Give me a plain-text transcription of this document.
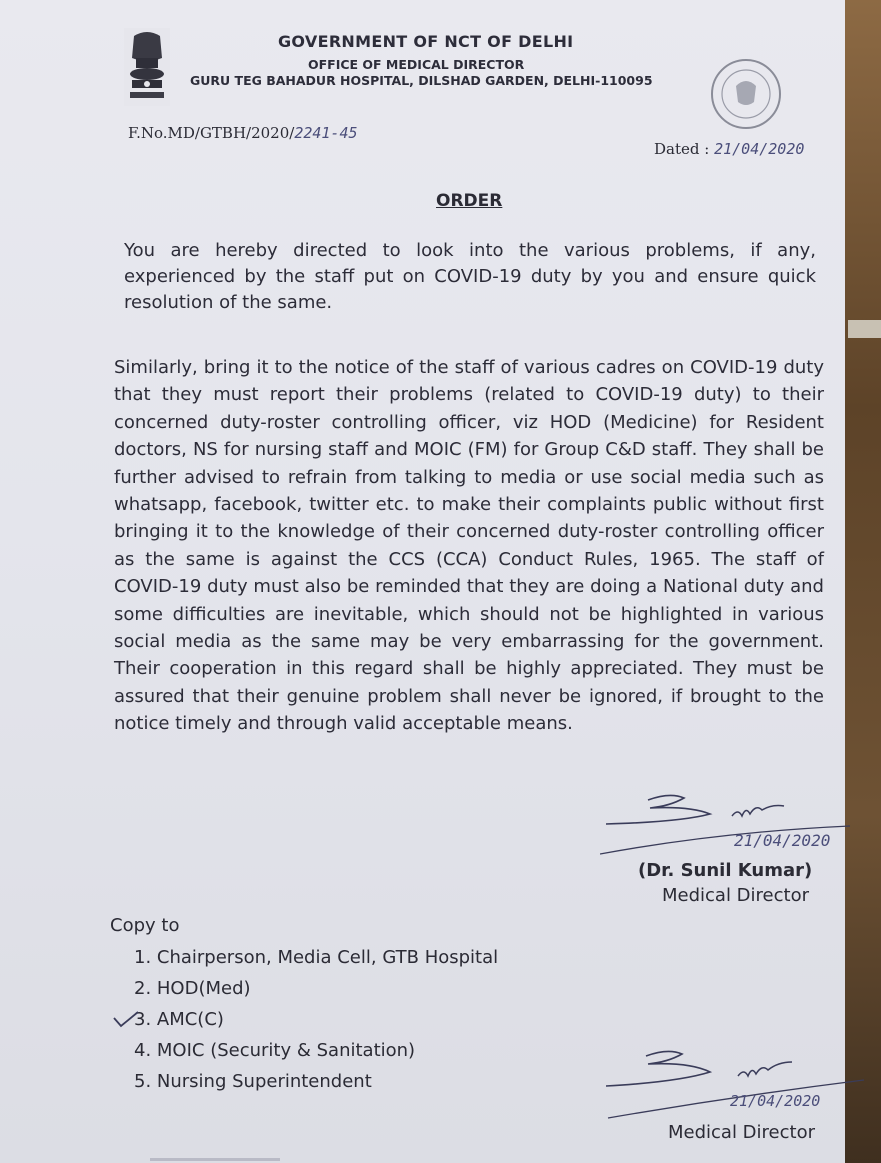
GOVERNMENT OF NCT OF DELHI
OFFICE OF MEDICAL DIRECTOR
GURU TEG BAHADUR HOSPITAL, DILSHAD GARDEN, DELHI-110095
F.No.MD/GTBH/2020/2241-45
Dated : 21/04/2020
ORDER
You are hereby directed to look into the various problems, if any, experienced by the staff put on COVID-19 duty by you and ensure quick resolution of the same.
Similarly, bring it to the notice of the staff of various cadres on COVID-19 duty that they must report their problems (related to COVID-19 duty) to their concerned duty-roster controlling officer, viz HOD (Medicine) for Resident doctors, NS for nursing staff and MOIC (FM) for Group C&D staff. They shall be further advised to refrain from talking to media or use social media such as whatsapp, facebook, twitter etc. to make their complaints public without first bringing it to the knowledge of their concerned duty-roster controlling officer as the same is against the CCS (CCA) Conduct Rules, 1965. The staff of COVID-19 duty must also be reminded that they are doing a National duty and some difficulties are inevitable, which should not be highlighted in various social media as the same may be very embarrassing for the government. Their cooperation in this regard shall be highly appreciated. They must be assured that their genuine problem shall never be ignored, if brought to the notice timely and through valid acceptable means.
21/04/2020
(Dr. Sunil Kumar)
Medical Director
Copy to
1. Chairperson, Media Cell, GTB Hospital
2. HOD(Med)
3. AMC(C)
4. MOIC (Security & Sanitation)
5. Nursing Superintendent
21/04/2020
Medical Director
